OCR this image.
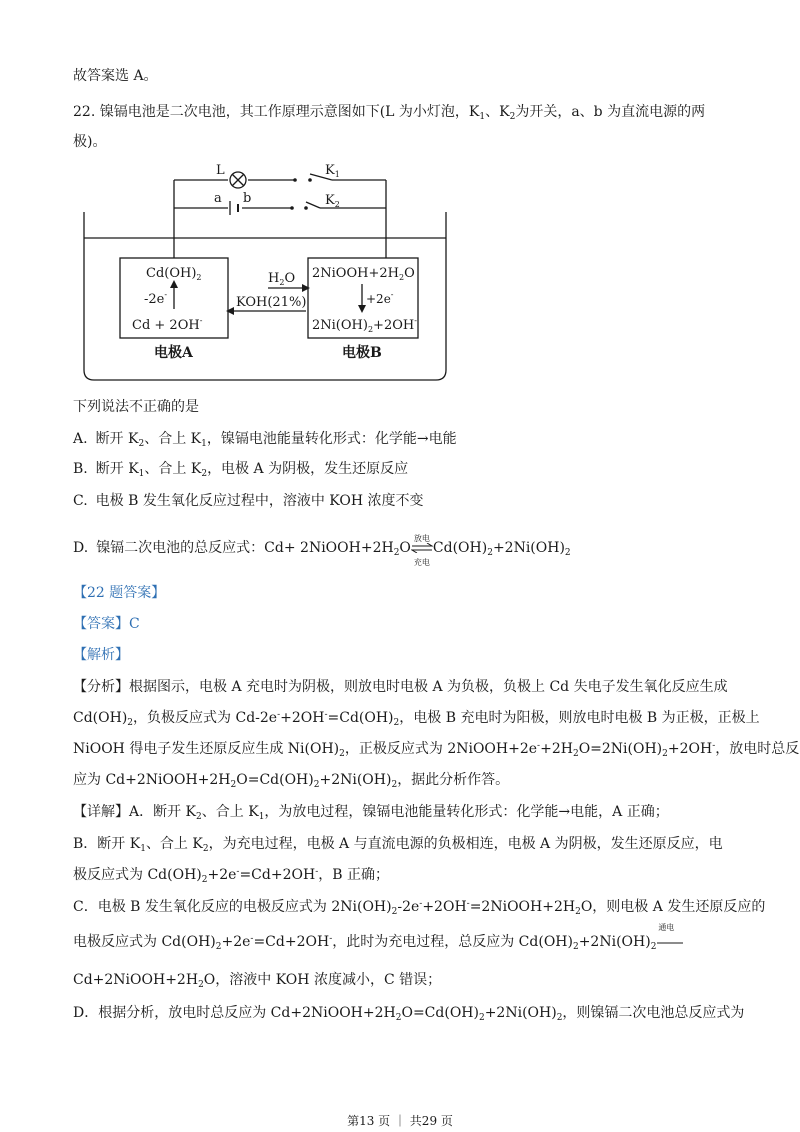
故答案选 A。
22. 镍镉电池是二次电池，其工作原理示意图如下(L 为小灯泡，$K_1$、$K_2$为开关，a、b 为直流电源的两
极)。
L	$K_1$
a b	$K_2$
$Cd(OH)_2$
-2e-
Cd + 2OH-
$2NiOOH+2H_2O$
+2e-
$2Ni(OH)_2+2OH^-$
$H_2O$
KOH(21%)
电极A	电极B
下列说法不正确的是
A. 断开 $K_2$、合上 $K_1$，镍镉电池能量转化形式：化学能→电能
B. 断开 $K_1$、合上 $K_2$，电极 A 为阴极，发生还原反应
C. 电极 B 发生氧化反应过程中，溶液中 KOH 浓度不变
D. 镍镉二次电池的总反应式：$Cd+ 2NiOOH+2H_2O$
放电
充电
$Cd(OH)_2+2Ni(OH)_2$
【22 题答案】
【答案】C
【解析】
【分析】根据图示，电极 A 充电时为阴极，则放电时电极 A 为负极，负极上 Cd 失电子发生氧化反应生成
$Cd(OH)_2$，负极反应式为 $Cd-2e^-+2OH^-=Cd(OH)_2$，电极 B 充电时为阳极，则放电时电极 B 为正极，正极上
NiOOH 得电子发生还原反应生成 $Ni(OH)_2$，正极反应式为 $2NiOOH+2e^-+2H_2O=2Ni(OH)_2+2OH^-$，放电时总反
应为 $Cd+2NiOOH+2H_2O=Cd(OH)_2+2Ni(OH)_2$，据此分析作答。
【详解】A．断开 $K_2$、合上 $K_1$，为放电过程，镍镉电池能量转化形式：化学能→电能，A 正确；
B．断开 $K_1$、合上 $K_2$，为充电过程，电极 A 与直流电源的负极相连，电极 A 为阴极，发生还原反应，电
极反应式为 $Cd(OH)_2+2e^-=Cd+2OH^-$，B 正确；
C．电极 B 发生氧化反应的电极反应式为 $2Ni(OH)_2-2e^-+2OH^-=2NiOOH+2H_2O$，则电极 A 发生还原反应的
电极反应式为 $Cd(OH)_2+2e^-=Cd+2OH^-$，此时为充电过程，总反应为 $Cd(OH)_2+2Ni(OH)_2$
通电
$Cd+2NiOOH+2H_2O$，溶液中 KOH 浓度减小，C 错误；
D．根据分析，放电时总反应为 $Cd+2NiOOH+2H_2O=Cd(OH)_2+2Ni(OH)_2$，则镍镉二次电池总反应式为
第13 页 ｜ 共29 页
